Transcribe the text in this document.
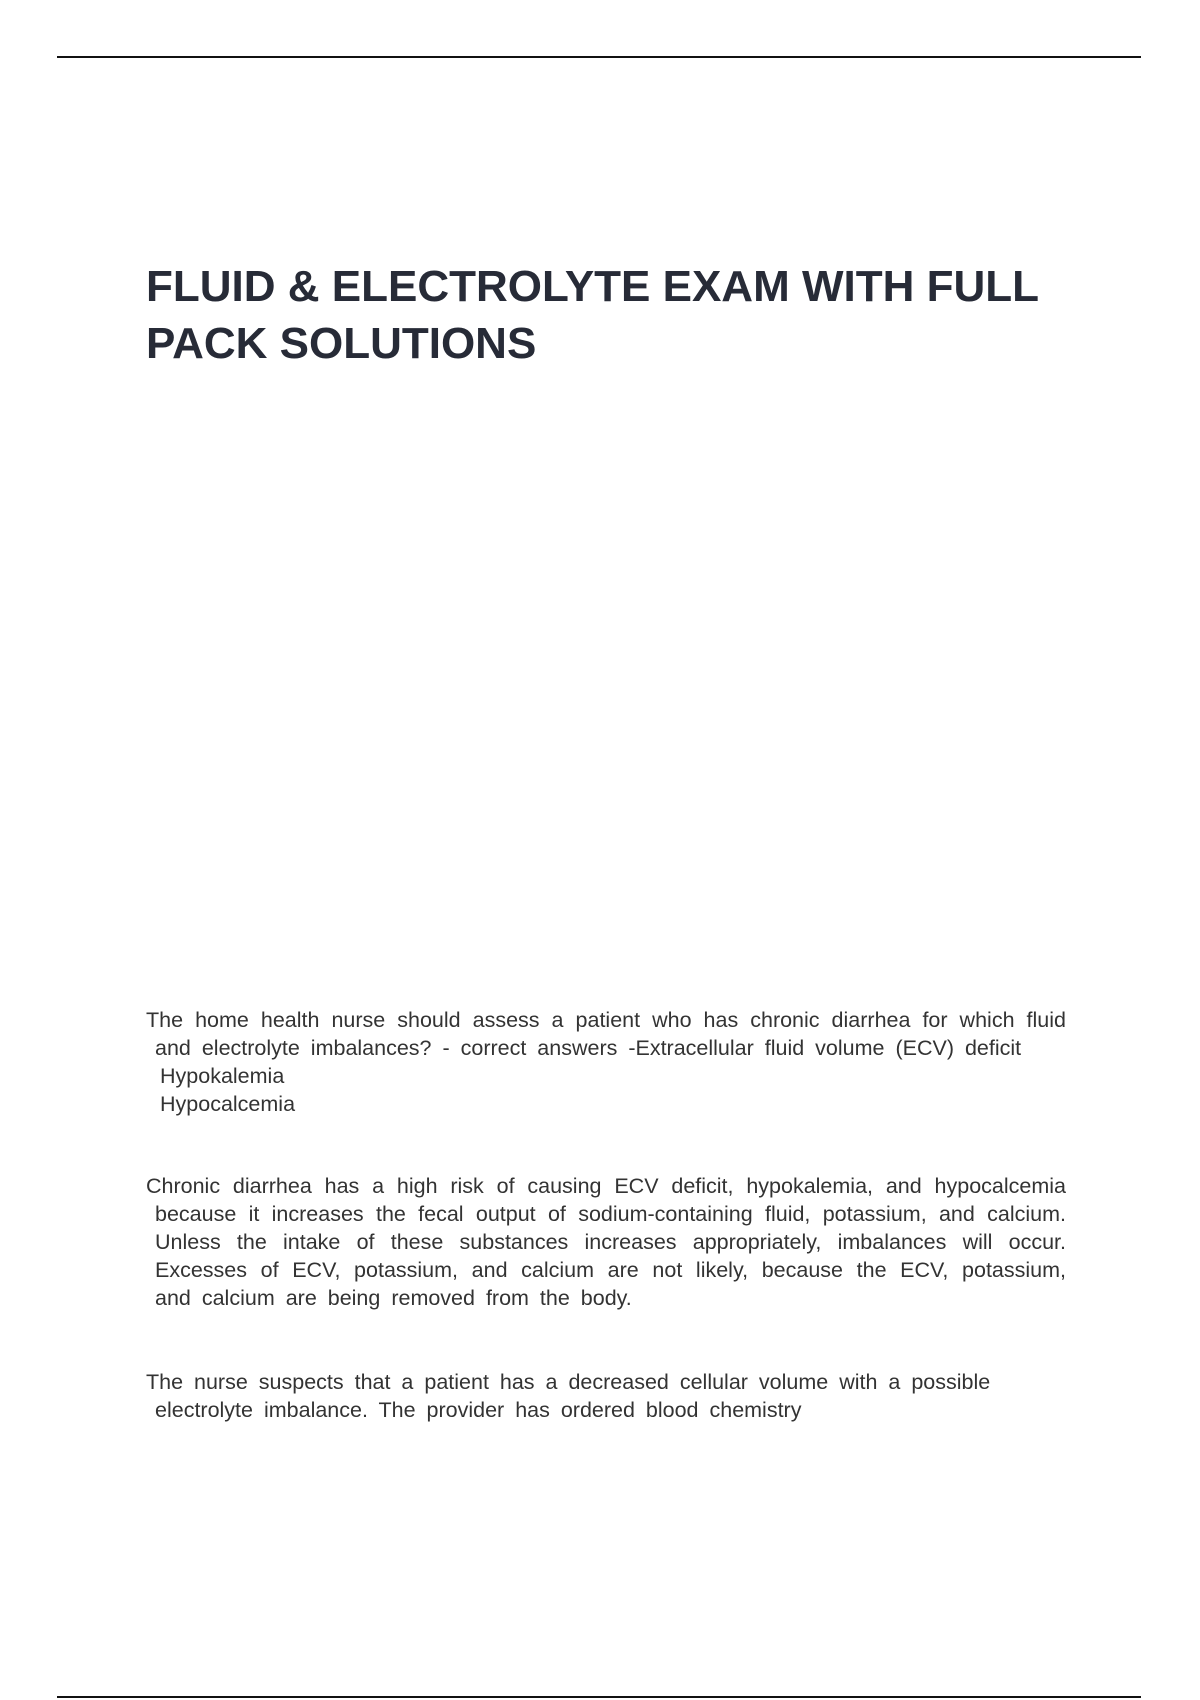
FLUID & ELECTROLYTE EXAM WITH FULL PACK SOLUTIONS
The home health nurse should assess a patient who has chronic diarrhea for which fluid and electrolyte imbalances? - correct answers -Extracellular fluid volume (ECV) deficit
Hypokalemia
Hypocalcemia
Chronic diarrhea has a high risk of causing ECV deficit, hypokalemia, and hypocalcemia because it increases the fecal output of sodium-containing fluid, potassium, and calcium. Unless the intake of these substances increases appropriately, imbalances will occur. Excesses of ECV, potassium, and calcium are not likely, because the ECV, potassium, and calcium are being removed from the body.
The nurse suspects that a patient has a decreased cellular volume with a possible electrolyte imbalance. The provider has ordered blood chemistry
